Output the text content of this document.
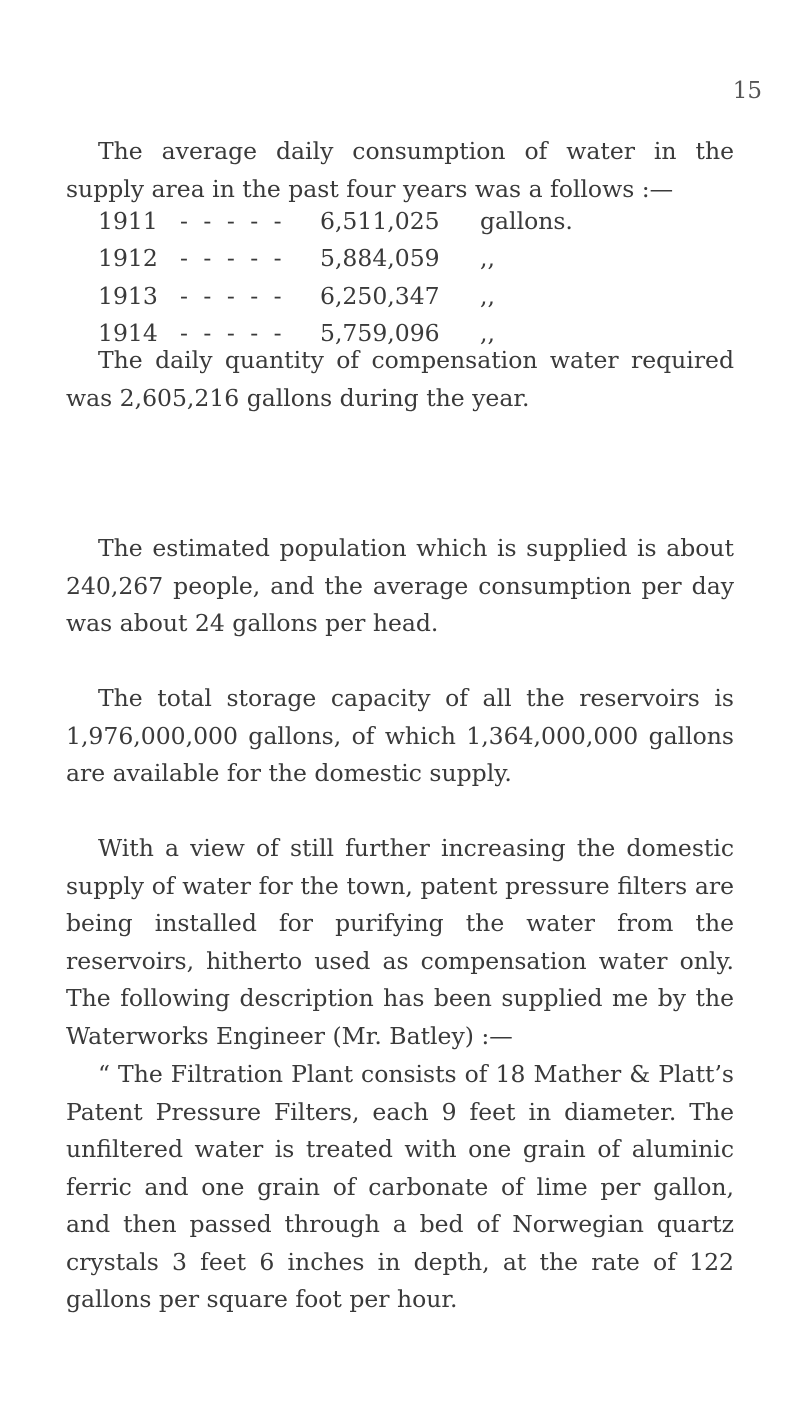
15

The average daily consumption of water in the supply area in the past four years was a follows :—

1911	- - - - -	6,511,025	gallons.
1912	- - - - -	5,884,059	,,
1913	- - - - -	6,250,347	,,
1914	- - - - -	5,759,096	,,

The daily quantity of compensation water required was 2,605,216 gallons during the year.

The estimated population which is supplied is about 240,267 people, and the average consumption per day was about 24 gallons per head.

The total storage capacity of all the reservoirs is 1,976,000,000 gallons, of which 1,364,000,000 gallons are available for the domestic supply.

With a view of still further increasing the domestic supply of water for the town, patent pressure filters are being installed for purifying the water from the reservoirs, hitherto used as compensation water only. The following description has been supplied me by the Waterworks Engineer (Mr. Batley) :—

“ The Filtration Plant consists of 18 Mather & Platt’s Patent Pressure Filters, each 9 feet in diameter. The unfiltered water is treated with one grain of aluminic ferric and one grain of carbonate of lime per gallon, and then passed through a bed of Norwegian quartz crystals 3 feet 6 inches in depth, at the rate of 122 gallons per square foot per hour.
